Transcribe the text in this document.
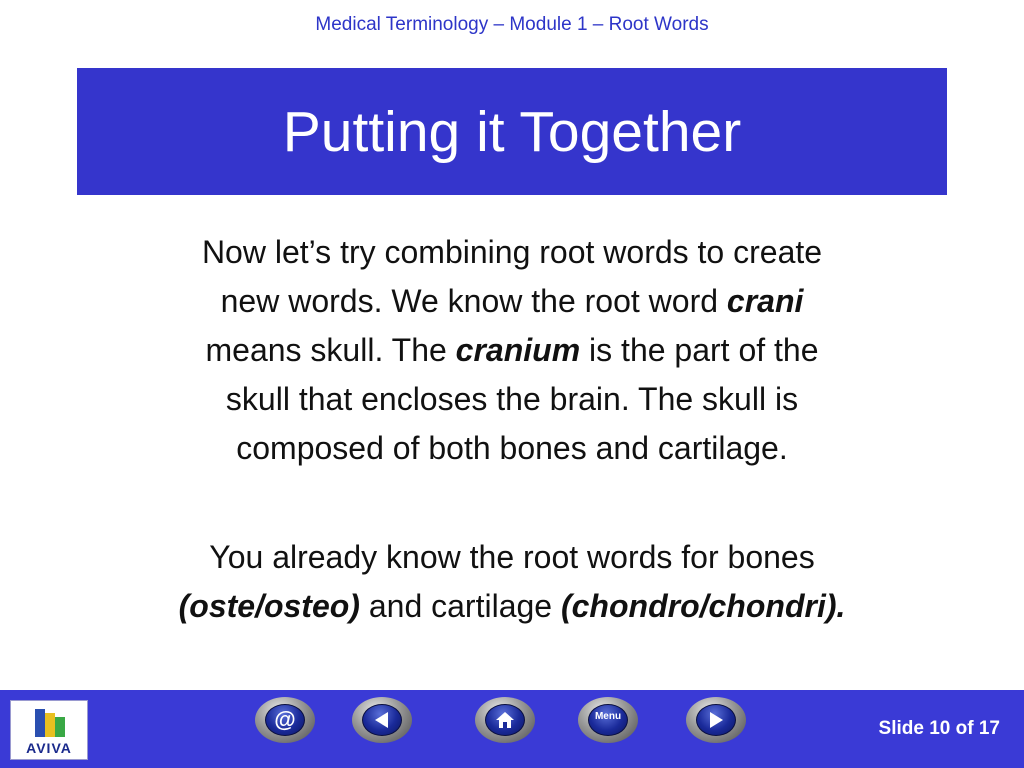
Medical Terminology – Module 1 – Root Words
Putting it Together
Now let’s try combining root words to create
new words. We know the root word crani
means skull. The cranium is the part of the
skull that encloses the brain. The skull is
composed of both bones and cartilage.
You already know the root words for bones
(oste/osteo) and cartilage (chondro/chondri).
AVIVA
@	Menu
Slide 10 of 17
